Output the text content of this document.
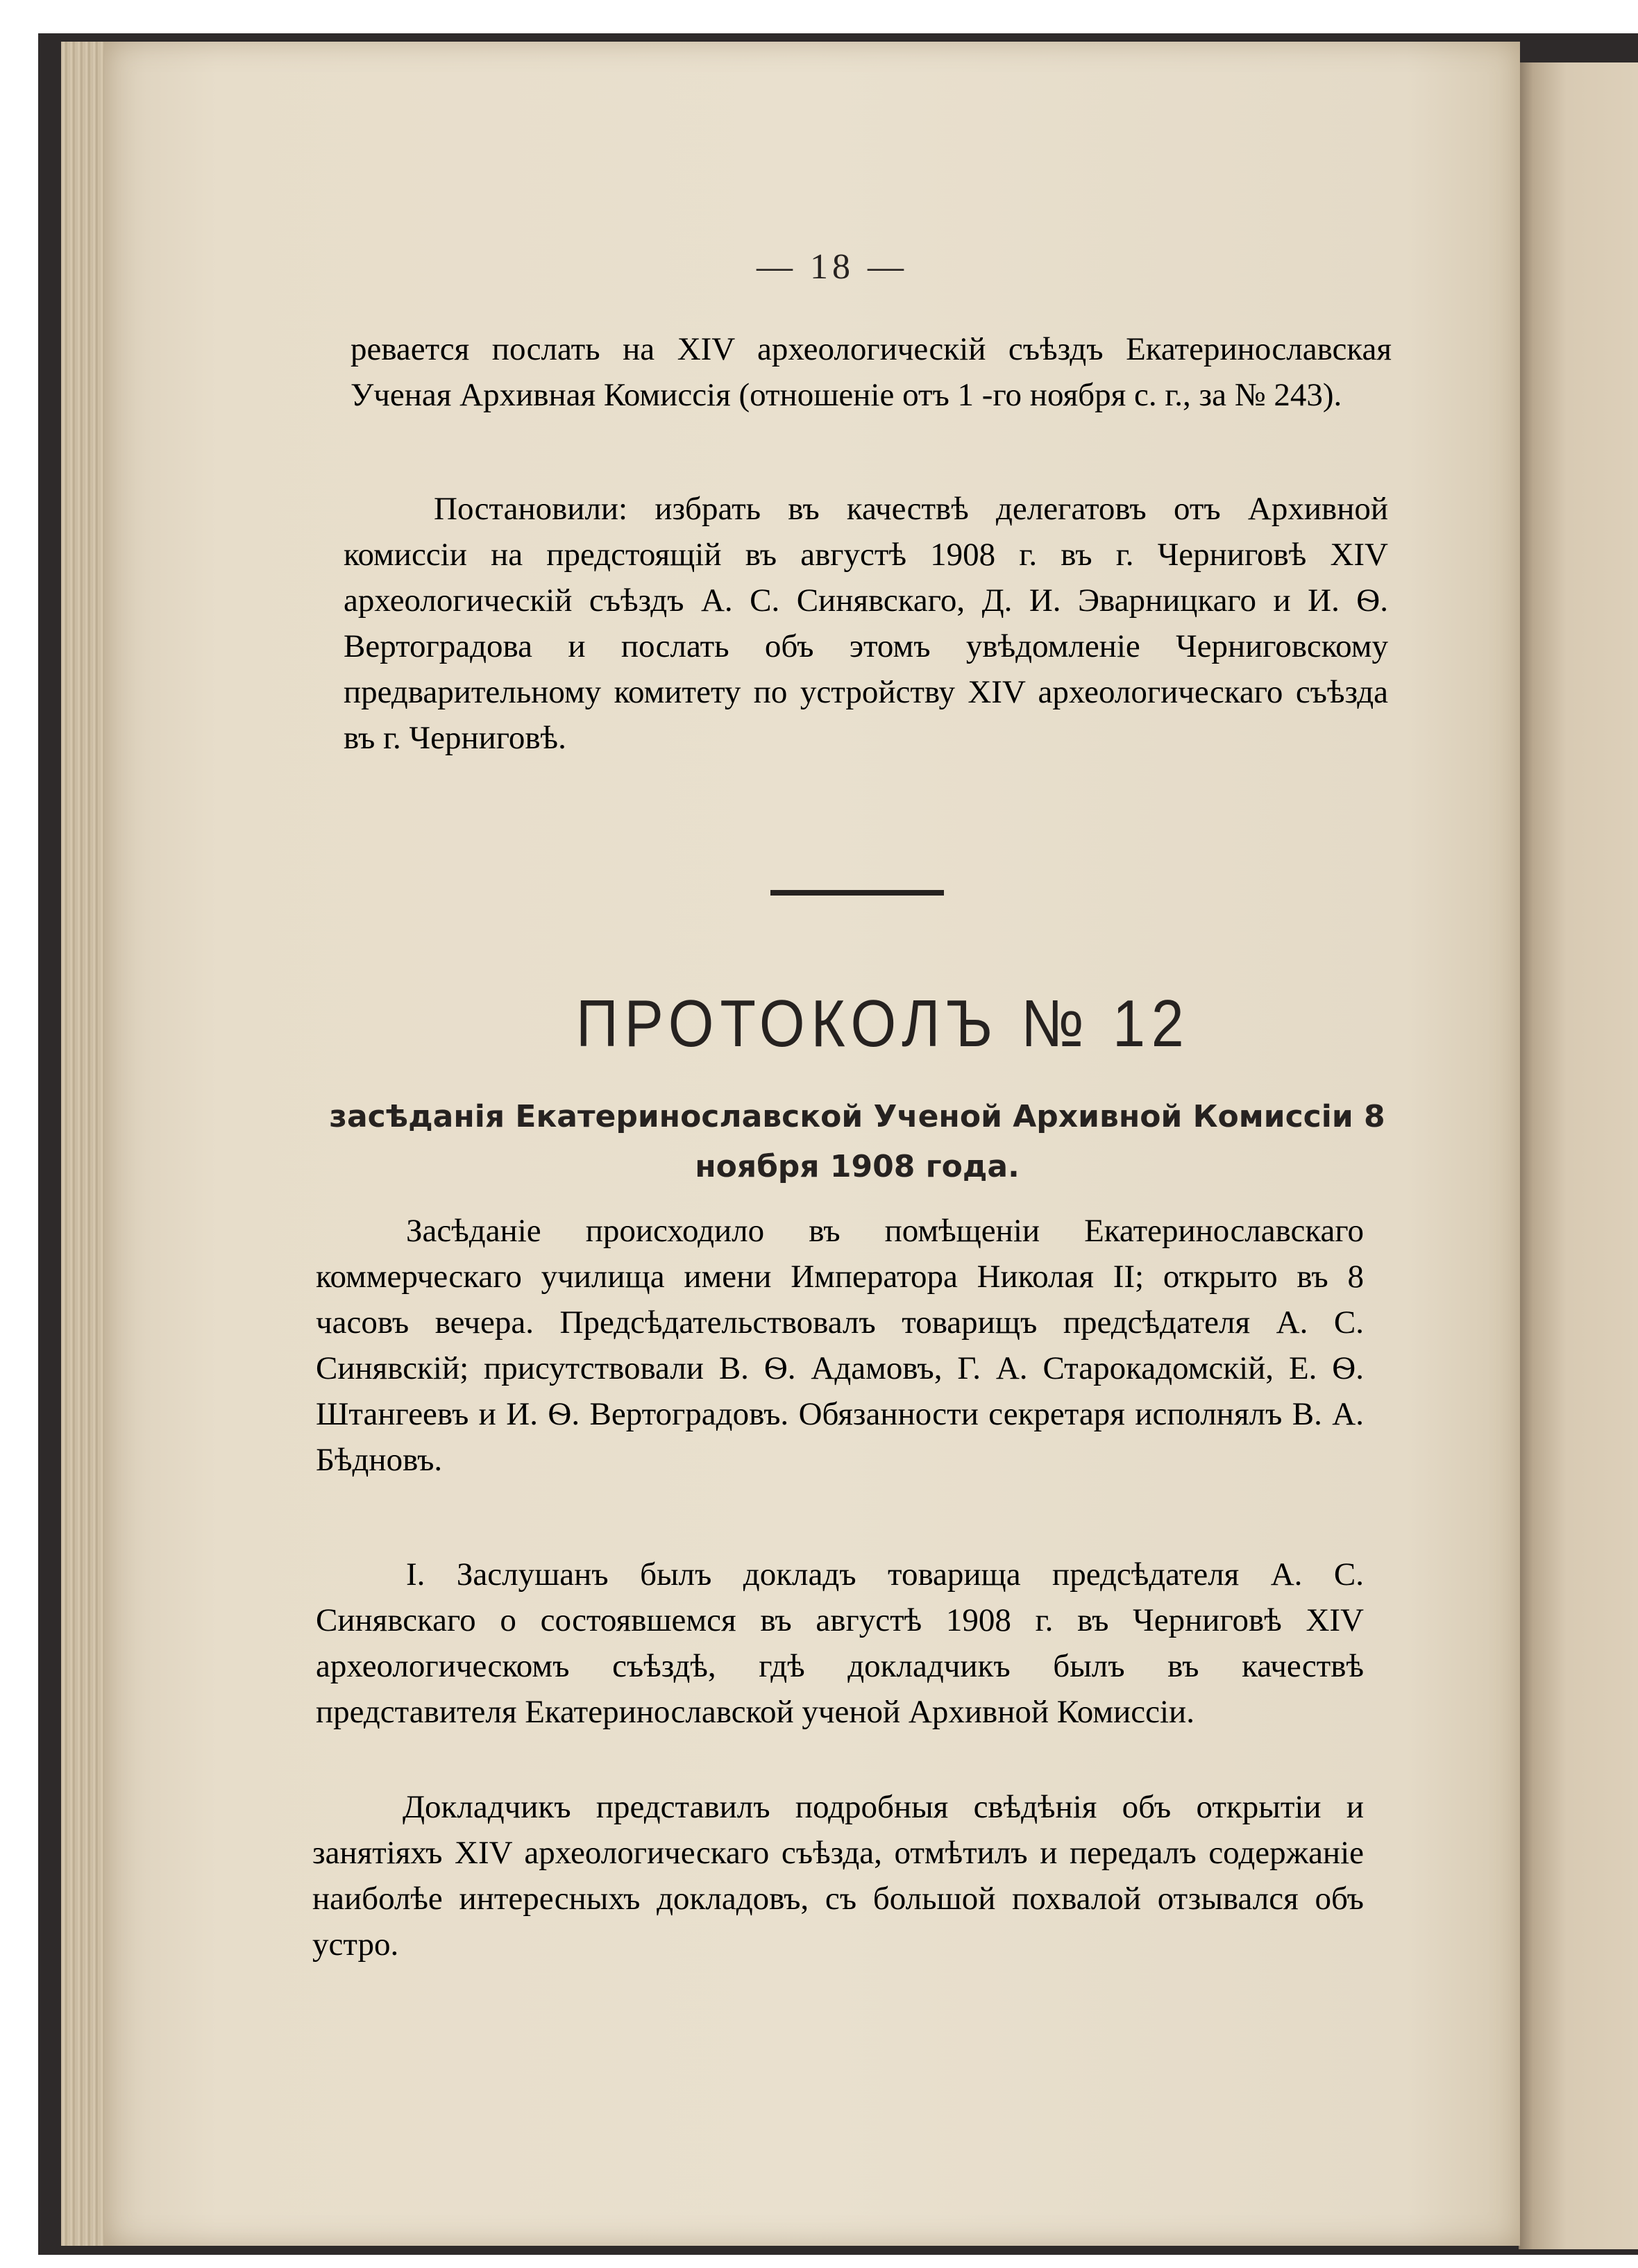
— 18 —

ревается послать на XIV археологическій съѣздъ Екатеринославская Ученая Архивная Комиссія (отношеніе отъ 1 -го ноября с. г., за № 243).

Постановили: избрать въ качествѣ делегатовъ отъ Архивной комиссіи на предстоящій въ августѣ 1908 г. въ г. Черниговѣ XIV археологическій съѣздъ А. С. Синявскаго, Д. И. Эварницкаго и И. Ѳ. Вертоградова и послать объ этомъ увѣдомленіе Черниговскому предварительному комитету по устройству XIV археологическаго съѣзда въ г. Черниговѣ.

ПРОТОКОЛЪ № 12
засѣданія Екатеринославской Ученой Архивной Комиссіи 8 ноября 1908 года.

Засѣданіе происходило въ помѣщеніи Екатеринославскаго коммерческаго училища имени Императора Николая II; открыто въ 8 часовъ вечера. Предсѣдательствовалъ товарищъ предсѣдателя А. С. Синявскій; присутствовали В. Ѳ. Адамовъ, Г. А. Старокадомскій, Е. Ѳ. Штангеевъ и И. Ѳ. Вертоградовъ. Обязанности секретаря исполнялъ В. А. Бѣдновъ.

I. Заслушанъ былъ докладъ товарища предсѣдателя А. С. Синявскаго о состоявшемся въ августѣ 1908 г. въ Черниговѣ XIV археологическомъ съѣздѣ, гдѣ докладчикъ былъ въ качествѣ представителя Екатеринославской ученой Архивной Комиссіи.

Докладчикъ представилъ подробныя свѣдѣнія объ открытіи и занятіяхъ XIV археологическаго съѣзда, отмѣтилъ и передалъ содержаніе наиболѣе интересныхъ докладовъ, съ большой похвалой отзывался объ устро.
